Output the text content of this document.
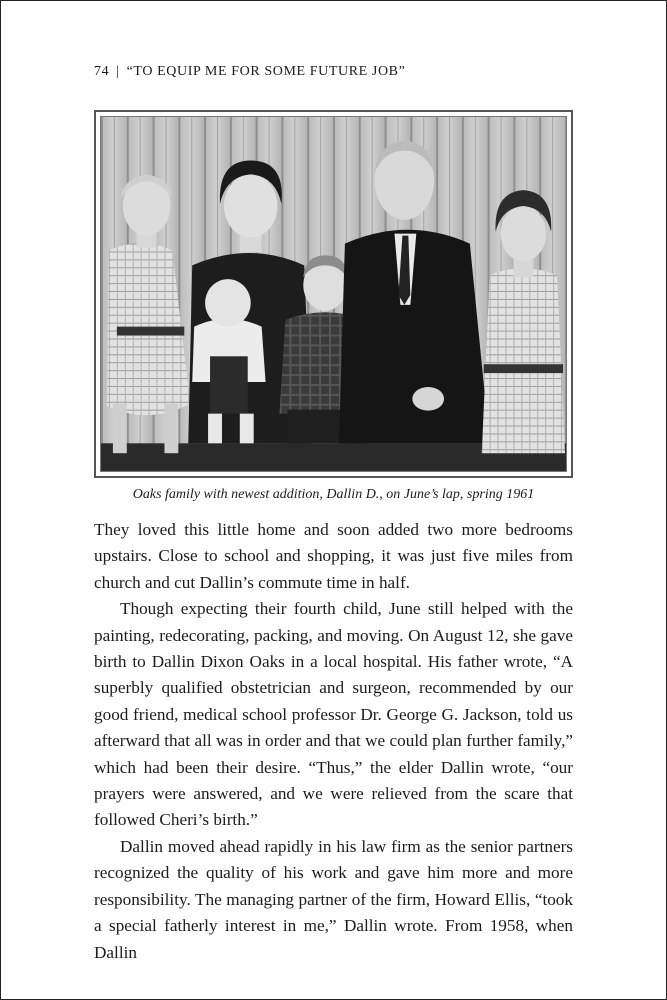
74 | “TO EQUIP ME FOR SOME FUTURE JOB”
Oaks family with newest addition, Dallin D., on June’s lap, spring 1961

They loved this little home and soon added two more bedrooms upstairs. Close to school and shopping, it was just five miles from church and cut Dallin’s commute time in half.

Though expecting their fourth child, June still helped with the painting, redecorating, packing, and moving. On August 12, she gave birth to Dallin Dixon Oaks in a local hospital. His father wrote, “A superbly qualified obstetrician and surgeon, recommended by our good friend, medical school professor Dr. George G. Jackson, told us afterward that all was in order and that we could plan further family,” which had been their desire. “Thus,” the elder Dallin wrote, “our prayers were answered, and we were relieved from the scare that followed Cheri’s birth.”

Dallin moved ahead rapidly in his law firm as the senior partners recognized the quality of his work and gave him more and more responsibility. The managing partner of the firm, Howard Ellis, “took a special fatherly interest in me,” Dallin wrote. From 1958, when Dallin
